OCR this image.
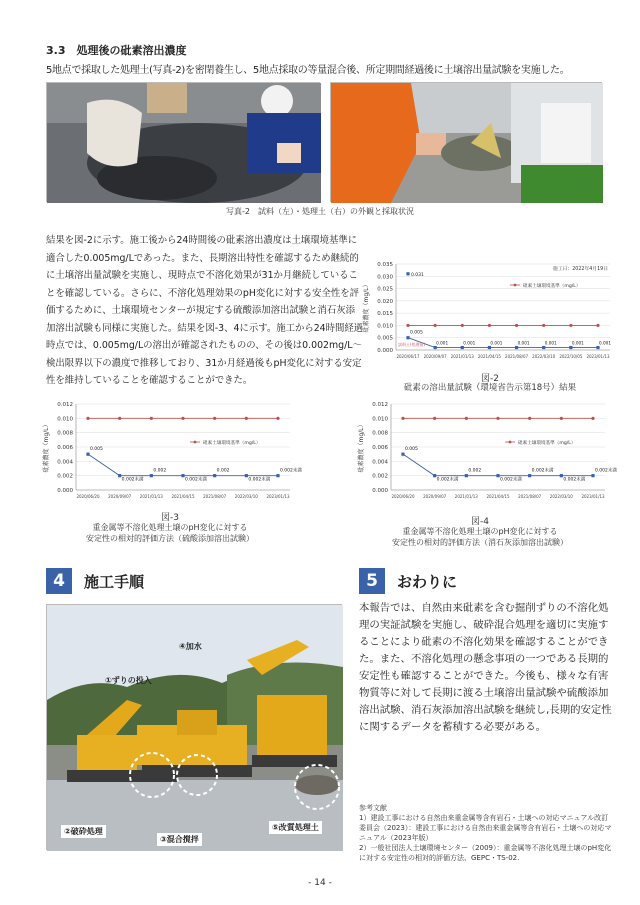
3.3　処理後の砒素溶出濃度
5地点で採取した処理土(写真-2)を密閉養生し、5地点採取の等量混合後、所定期間経過後に土壌溶出量試験を実施した。
写真-2　試料（左）・処理土（右）の外観と採取状況
結果を図-2に示す。施工後から24時間後の砒素溶出濃度は土壌環境基準に適合した0.005mg/Lであった。また、長期溶出特性を確認するため継続的に土壌溶出量試験を実施し、現時点で不溶化効果が31か月継続していることを確認している。さらに、不溶化処理効果のpH変化に対する安全性を評価するために、土壌環境センターが規定する硫酸添加溶出試験と消石灰添加溶出試験も同様に実施した。結果を図-3、4に示す。施工から24時間経過時点では、0.005mg/Lの溶出が確認されたものの、その後は0.002mg/L～検出限界以下の濃度で推移しており、31か月経過後もpH変化に対する安定性を維持していることを確認することができた。
0.035
0.030
0.025
0.020
0.015
0.010
0.005
0.000
砒素濃度（mg/L）
2020/06/17 2020/09/07 2021/01/13 2021/04/15 2021/08/07 2022/03/10 2022/10/05 2023/01/13
砒素土壌環境基準（mg/L）
施工日：2022年4月19日
0.031
0.005
試料土(処理前)	0.001	0.001	0.001	0.001	0.001	0.001	0.001
図-2
砒素の溶出量試験（環境省告示第18号）結果
0.012
0.010
0.008
0.006
0.004
0.002
0.000
砒素濃度（mg/L）
2020/06/20 2020/09/07 2021/01/13 2021/04/15 2021/08/07 2022/03/10 2023/01/13
0.005
0.002未満
0.002
0.002未満
0.002
0.002未満
0.002未満
砒素土壌環境基準（mg/L）
図-3
重金属等不溶化処理土壌のpH変化に対する
安定性の相対的評価方法（硫酸添加溶出試験）
0.012
0.010
0.008
0.006
0.004
0.002
0.000
砒素濃度（mg/L）
2020/06/20 2020/09/07 2021/01/13 2021/04/15 2021/08/07 2022/03/10 2023/01/13
0.005
0.002未満
0.002
0.002未満
0.002未満
0.002未満
0.002未満
砒素土壌環境基準（mg/L）
図-4
重金属等不溶化処理土壌のpH変化に対する
安定性の相対的評価方法（消石灰添加溶出試験）
4	施工手順
①ずりの投入
④加水
②破砕処理
③混合撹拌
⑤改質処理土
5	おわりに
本報告では、自然由来砒素を含む掘削ずりの不溶化処理の実証試験を実施し、破砕混合処理を適切に実施することにより砒素の不溶化効果を確認することができた。また、不溶化処理の懸念事項の一つである長期的安定性も確認することができた。今後も、様々な有害物質等に対して長期に渡る土壌溶出量試験や硫酸添加溶出試験、消石灰添加溶出試験を継続し,長期的安定性に関するデータを蓄積する必要がある。
参考文献
1）建設工事における自然由来重金属等含有岩石・土壌への対応マニュアル改訂委員会（2023）：建設工事における自然由来重金属等含有岩石・土壌への対応マニュアル（2023年版）
2）一般社団法人土壌環境センター（2009）：重金属等不溶化処理土壌のpH変化に対する安定性の相対的評価方法、GEPC・TS-02.
- 14 -
